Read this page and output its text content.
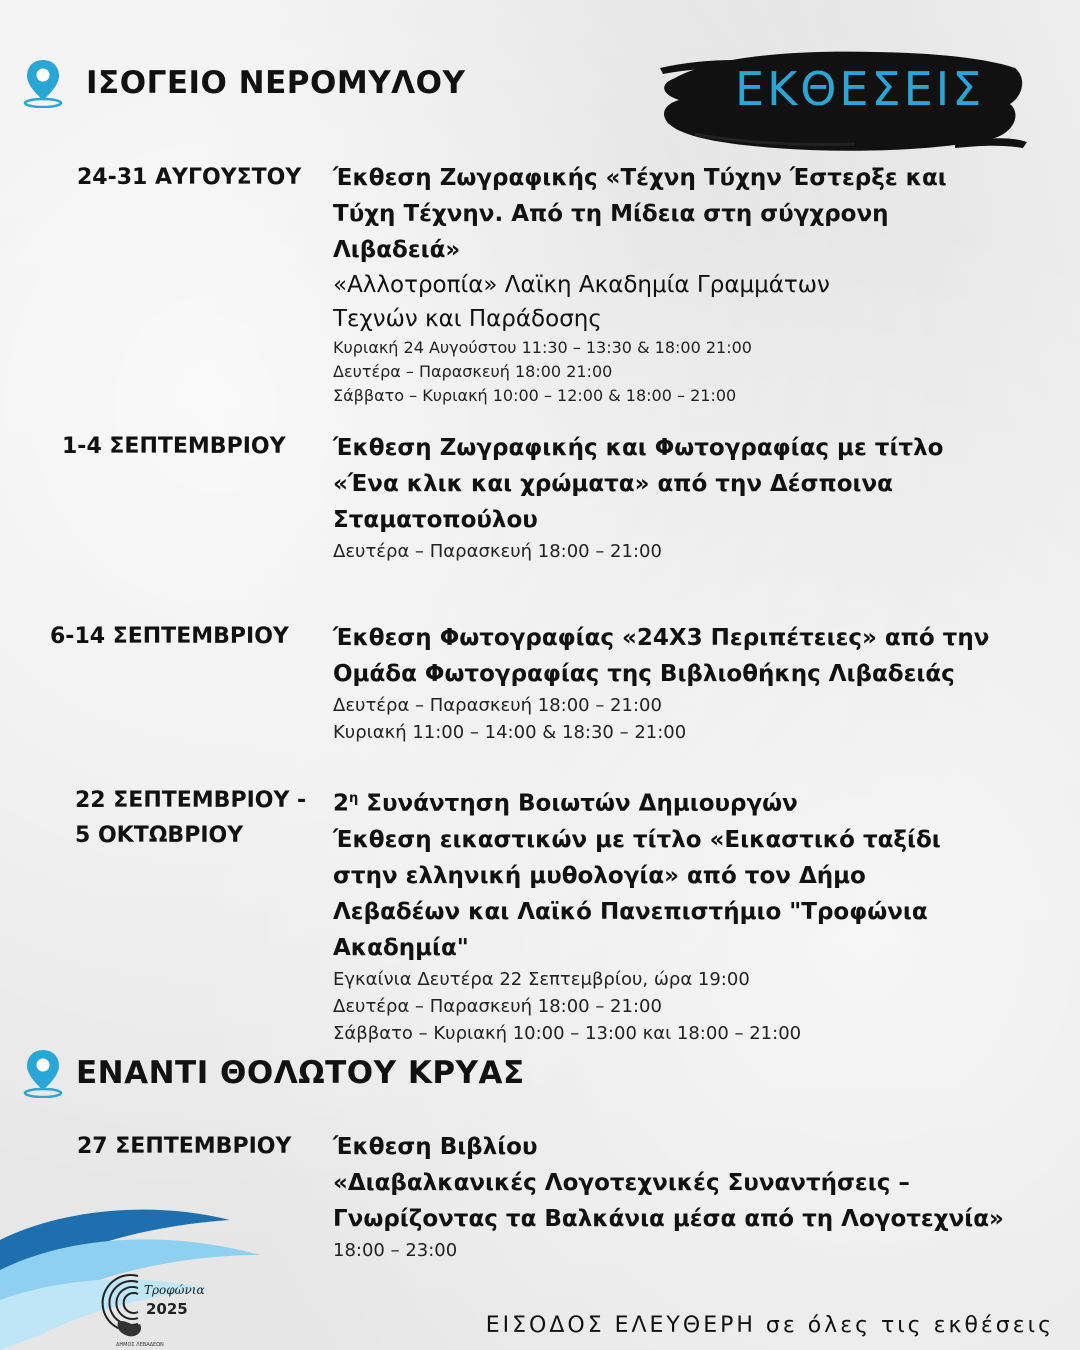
ΕΚΘΕΣΕΙΣ
ΙΣΟΓΕΙΟ ΝΕΡΟΜΥΛΟΥ
24-31 ΑΥΓΟΥΣΤΟΥ Έκθεση Ζωγραφικής «Τέχνη Τύχην Έστερξε και
Τύχη Τέχνην. Από τη Μίδεια στη σύγχρονη
Λιβαδειά»
«Αλλοτροπία» Λαϊκη Ακαδημία Γραμμάτων
Τεχνών και Παράδοσης
Κυριακή 24 Αυγούστου 11:30 – 13:30 & 18:00 21:00
Δευτέρα – Παρασκευή 18:00 21:00
Σάββατο – Κυριακή 10:00 – 12:00 & 18:00 – 21:00
1-4 ΣΕΠΤΕΜΒΡΙΟΥ Έκθεση Ζωγραφικής και Φωτογραφίας με τίτλο
«Ένα κλικ και χρώματα» από την Δέσποινα
Σταματοπούλου
Δευτέρα – Παρασκευή 18:00 – 21:00
6-14 ΣΕΠΤΕΜΒΡΙΟΥ Έκθεση Φωτογραφίας «24Χ3 Περιπέτειες» από την
Ομάδα Φωτογραφίας της Βιβλιοθήκης Λιβαδειάς
Δευτέρα – Παρασκευή 18:00 – 21:00
Κυριακή 11:00 – 14:00 & 18:30 – 21:00
22 ΣΕΠΤΕΜΒΡΙΟΥ -
5 ΟΚΤΩΒΡΙΟΥ
$2^\eta$ Συνάντηση Βοιωτών Δημιουργών
Έκθεση εικαστικών με τίτλο «Εικαστικό ταξίδι
στην ελληνική μυθολογία» από τον Δήμο
Λεβαδέων και Λαϊκό Πανεπιστήμιο "Τροφώνια
Ακαδημία"
Εγκαίνια Δευτέρα 22 Σεπτεμβρίου, ώρα 19:00
Δευτέρα – Παρασκευή 18:00 – 21:00
Σάββατο – Κυριακή 10:00 – 13:00 και 18:00 – 21:00
ΕΝΑΝΤΙ ΘΟΛΩΤΟΥ ΚΡΥΑΣ
27 ΣΕΠΤΕΜΒΡΙΟΥ Έκθεση Βιβλίου
«Διαβαλκανικές Λογοτεχνικές Συναντήσεις –
Γνωρίζοντας τα Βαλκάνια μέσα από τη Λογοτεχνία»
18:00 – 23:00
Τροφώνια
2025
ΔΗΜΟΣ ΛΕΒΑΔΕΩΝ
ΕΙΣΟΔΟΣ ΕΛΕΥΘΕΡΗ σε όλες τις εκθέσεις
